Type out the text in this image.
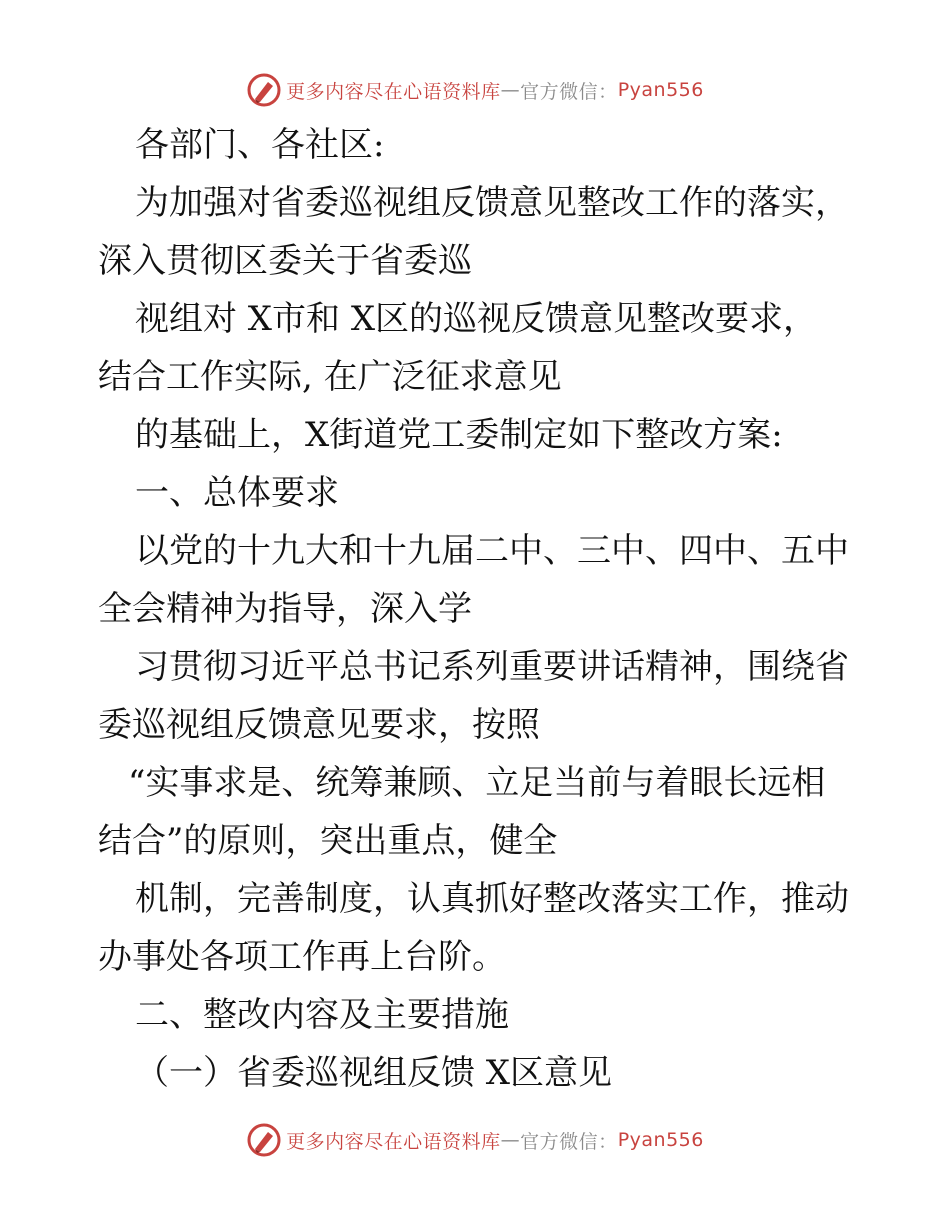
更多内容尽在心语资料库 — 官方微信： Pyan556

各部门、各社区:

为加强对省委巡视组反馈意见整改工作的落实，

深入贯彻区委关于省委巡

视组对 X市和 X区的巡视反馈意见整改要求，

结合工作实际, 在广泛征求意见

的基础上，X街道党工委制定如下整改方案:

一、总体要求

以党的十九大和十九届二中、三中、四中、五中

全会精神为指导，深入学

习贯彻习近平总书记系列重要讲话精神，围绕省

委巡视组反馈意见要求，按照

“实事求是、统筹兼顾、立足当前与着眼长远相

结合”的原则，突出重点，健全

机制，完善制度，认真抓好整改落实工作，推动

办事处各项工作再上台阶。

二、整改内容及主要措施

（一）省委巡视组反馈 X区意见

更多内容尽在心语资料库 — 官方微信： Pyan556
